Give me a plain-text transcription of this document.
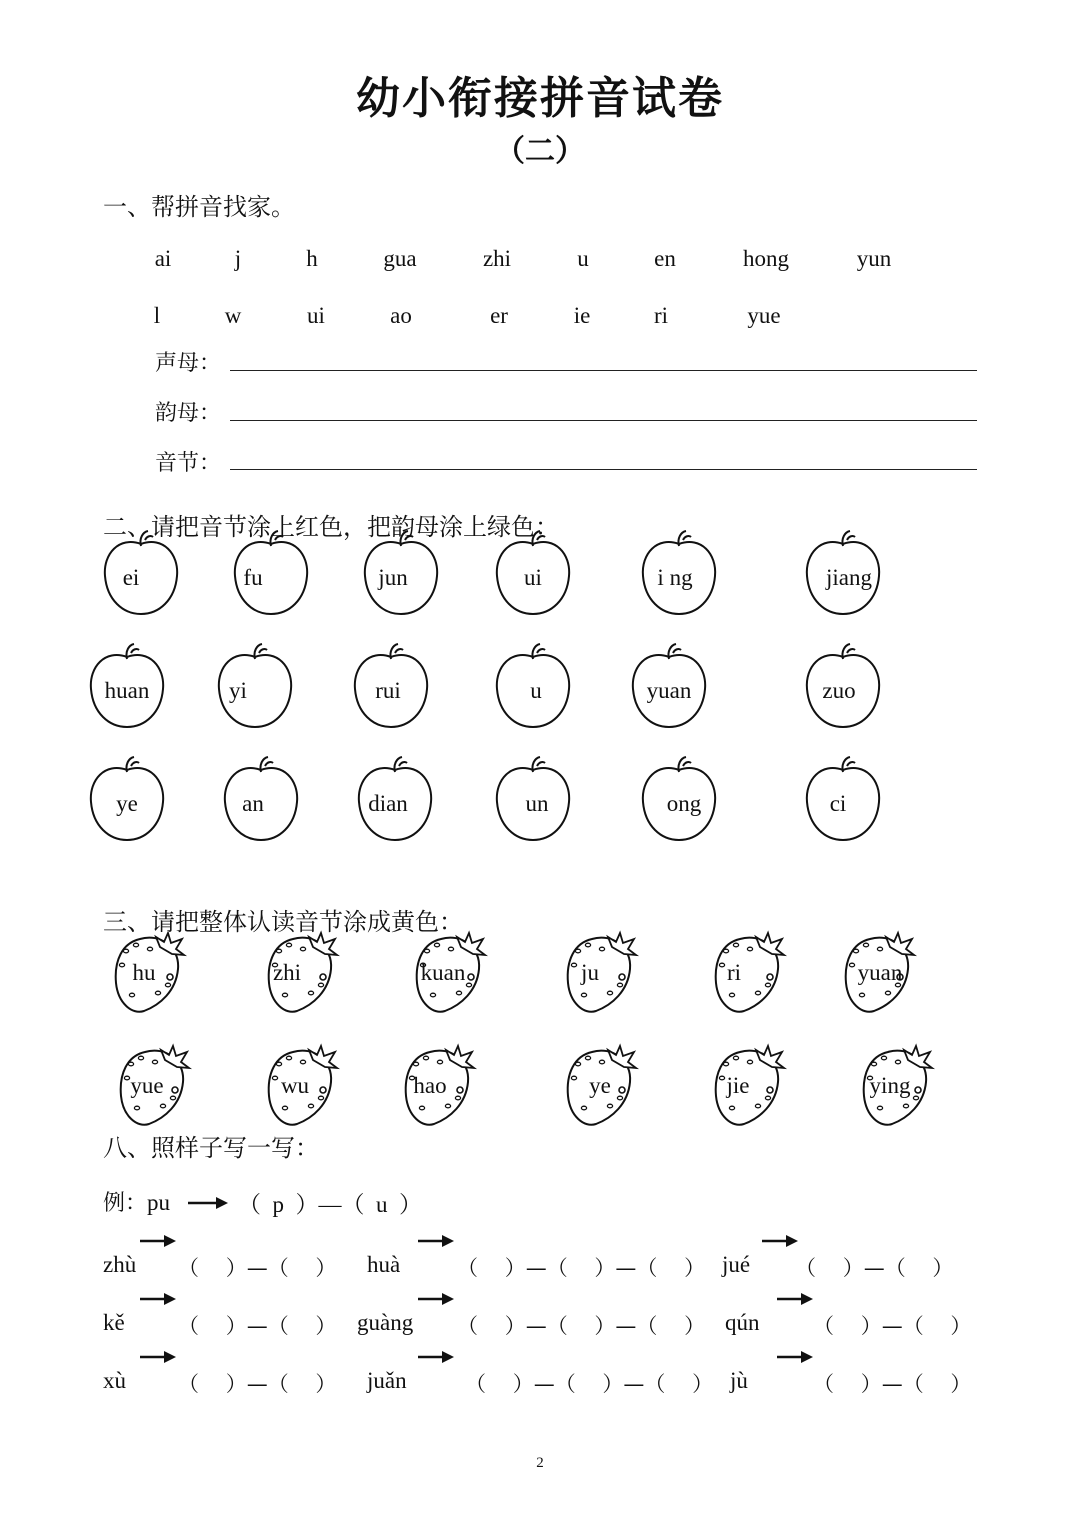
幼小衔接拼音试卷
（二）
一、帮拼音找家。
ai	j	h	gua	zhi	u	en	hong	yun
l	w	ui	ao	er	ie	ri	yue
声母：
韵母：
音节：
二、请把音节涂上红色，把韵母涂上绿色：
ei	fu	jun	ui	i ng	jiang
huan	yi	rui	u	yuan	zuo
ye	an	dian	un	ong	ci
三、请把整体认读音节涂成黄色：
hu	zhi	kuan	ju	ri	yuan
yue	wu	hao	ye	jie	ying
八、照样子写一写：
例：pu	（  p  ）—（  u  ）
zhù （    ）—（    ） huà	（    ）—（    ）—（    ） jué （    ）—（    ）
kě	（    ）—（    ） guàng （    ）—（    ）—（    ） qún	（    ）—（    ）
xù （    ）—（    ） juǎn	（    ）—（    ）—（    ） jù	（    ）—（    ）
2
